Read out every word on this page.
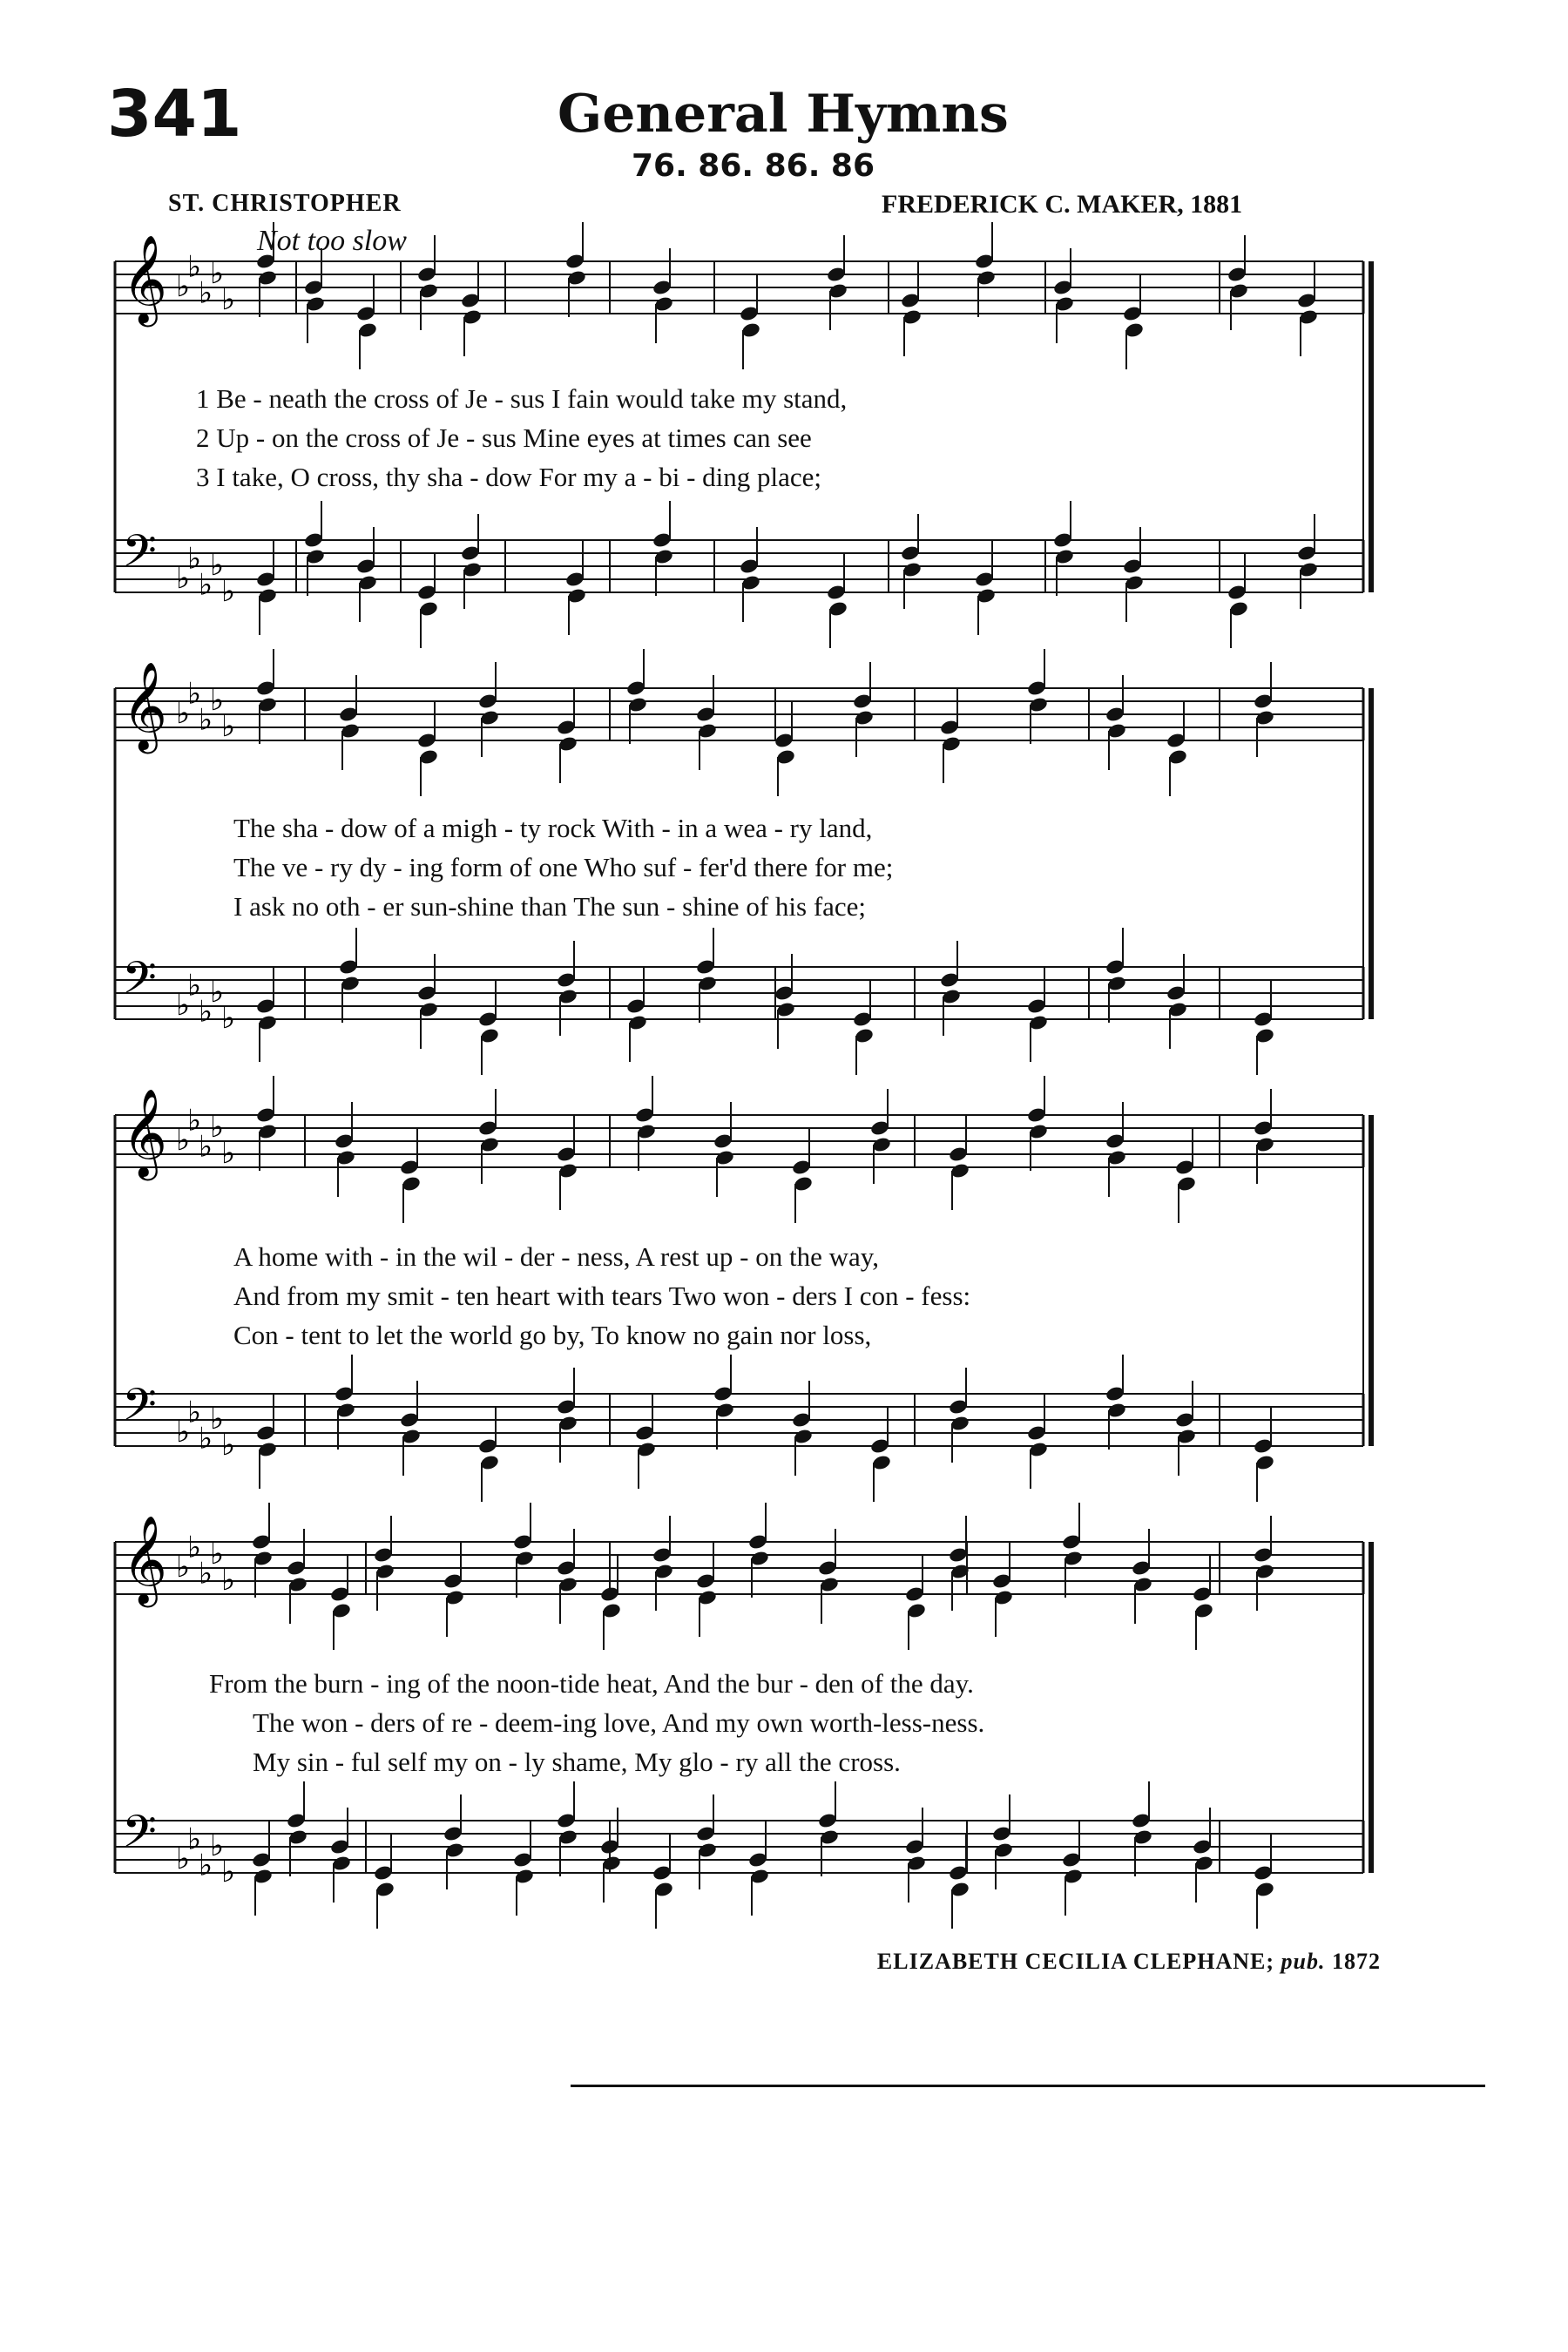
341	General Hymns
76. 86. 86. 86
ST. CHRISTOPHER	FREDERICK C. MAKER, 1881
Not too slow
𝄞 ♭
♭
♭
♭
♭
𝄢 ♭
♭
♭
♭
♭
𝄞 ♭
♭
♭
♭
♭
𝄢 ♭
♭
♭
♭
♭
𝄞 ♭
♭
♭
♭
♭
𝄢 ♭
♭
♭
♭
♭
𝄞 ♭
♭
♭
♭
♭
𝄢 ♭
♭
♭
♭
♭
1 Be - neath the cross of Je - sus I fain would take my stand,
2 Up - on the cross of Je - sus Mine eyes at times can see
3 I take, O cross, thy sha - dow For my a - bi - ding place;
The sha - dow of a migh - ty rock With - in a wea - ry land,
The ve - ry dy - ing form of one Who suf - fer'd there for me;
I ask no oth - er sun-shine than The sun - shine of his face;
A home with - in the wil - der - ness, A rest up - on the way,
And from my smit - ten heart with tears Two won - ders I con - fess:
Con - tent to let the world go by, To know no gain nor loss,
From the burn - ing of the noon-tide heat, And the bur - den of the day.
The won - ders of re - deem-ing love, And my own worth-less-ness.
My sin - ful self my on - ly shame, My glo - ry all the cross.
ELIZABETH CECILIA CLEPHANE; pub. 1872
